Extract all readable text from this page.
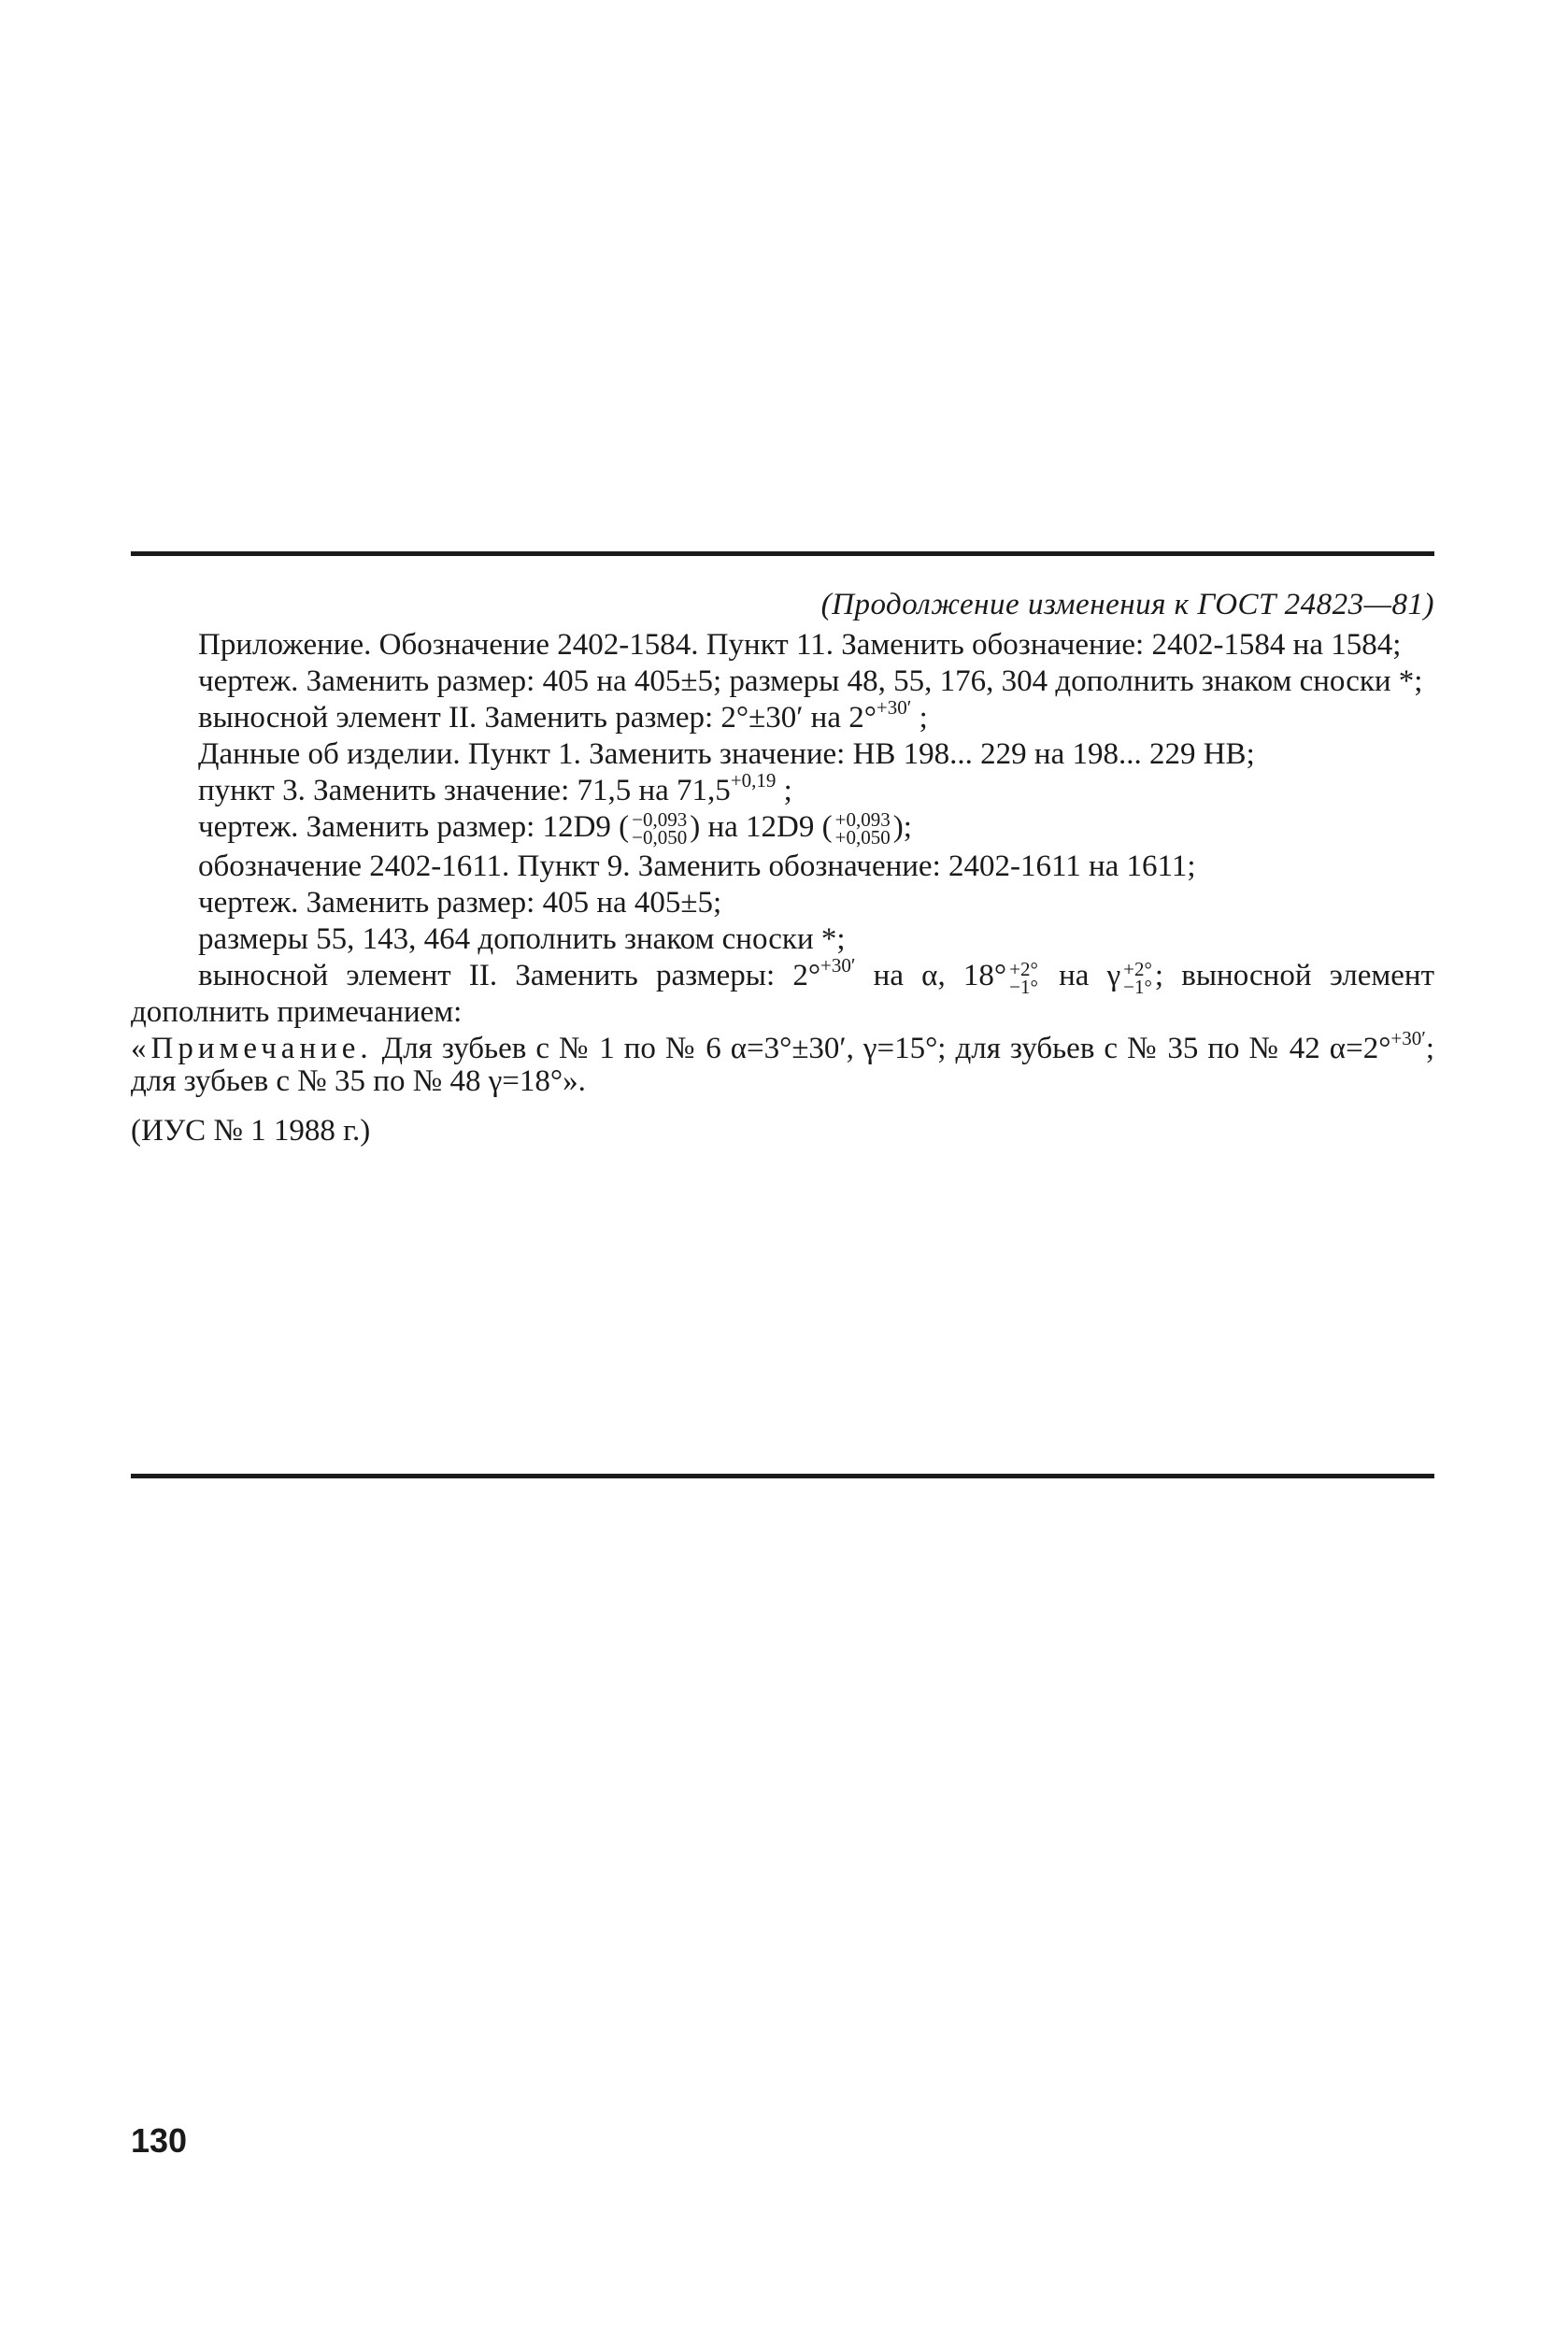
(Продолжение изменения к ГОСТ 24823—81)

Приложение. Обозначение 2402-1584. Пункт 11. Заменить обозначение: 2402-1584 на 1584;

чертеж. Заменить размер: 405 на 405±5; размеры 48, 55, 176, 304 дополнить знаком сноски *;

выносной элемент II. Заменить размер: 2°±30′ на 2°$^{+30'}$ ;

Данные об изделии. Пункт 1. Заменить значение: НВ 198... 229 на 198... 229 НВ;

пункт 3. Заменить значение: 71,5 на $71,5^{+0,19}$ ;

чертеж. Заменить размер: 12D9 ( −0,093
−0,050 ) на 12D9 ( +0,093
+0,050 );

обозначение 2402-1611. Пункт 9. Заменить обозначение: 2402-1611 на 1611;

чертеж. Заменить размер: 405 на 405±5;

размеры 55, 143, 464 дополнить знаком сноски *;

выносной элемент II. Заменить размеры: 2°$^{+30'}$ на α, 18° +2°
−1° на γ +2°
−1° ; выносной элемент дополнить примечанием:

«Примечание. Для зубьев с № 1 по № 6 α=3°±30′, γ=15°; для зубьев с № 35 по № 42 α=2°$^{+30'}$; для зубьев с № 35 по № 48 γ=18°».

(ИУС № 1 1988 г.)

130
